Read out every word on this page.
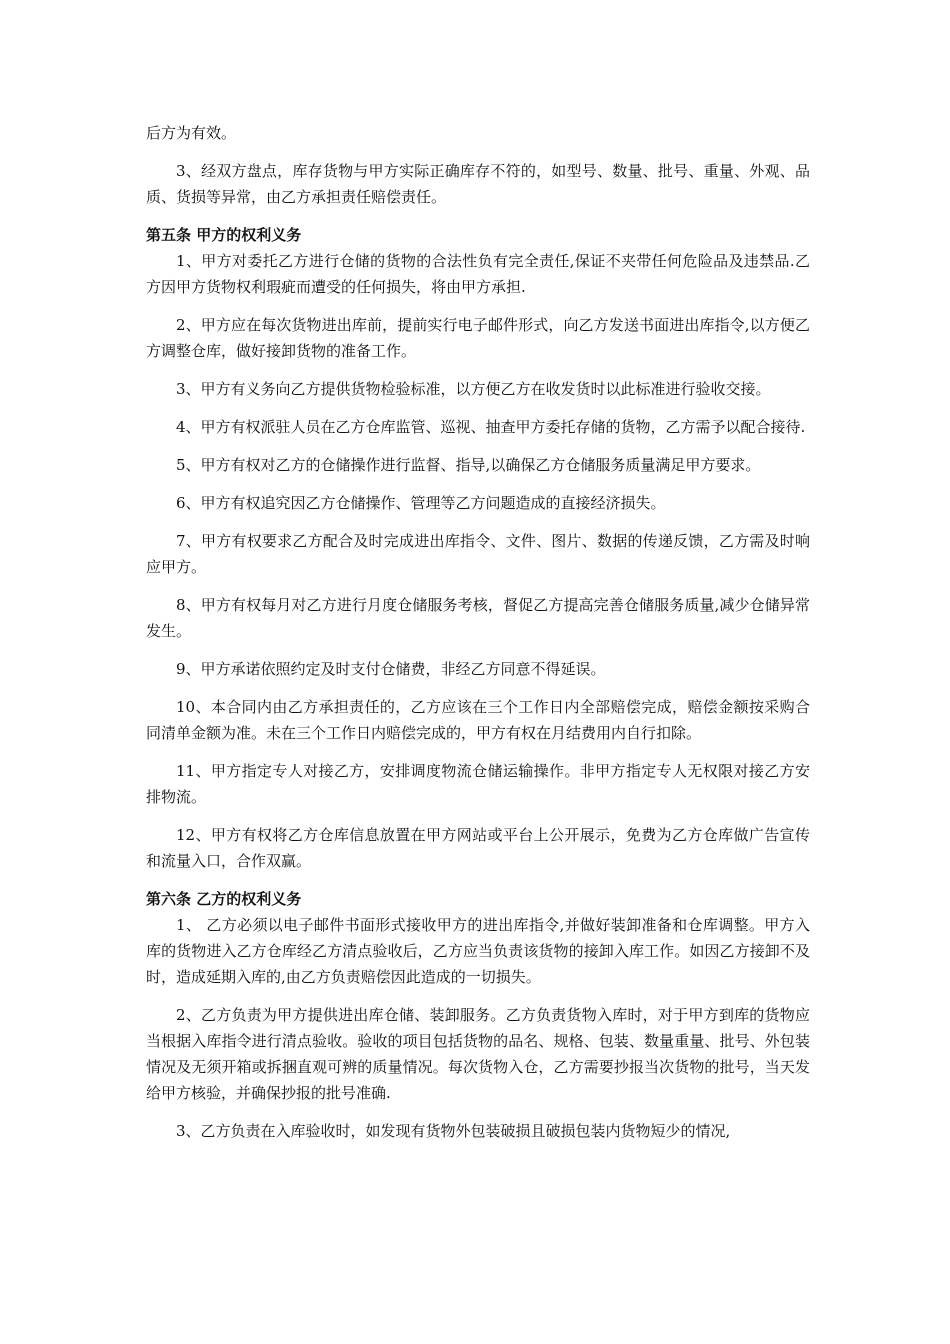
后方为有效。

3、经双方盘点，库存货物与甲方实际正确库存不符的，如型号、数量、批号、重量、外观、品质、货损等异常，由乙方承担责任赔偿责任。

第五条 甲方的权利义务

1、甲方对委托乙方进行仓储的货物的合法性负有完全责任,保证不夹带任何危险品及违禁品.乙方因甲方货物权利瑕疵而遭受的任何损失，将由甲方承担.

2、甲方应在每次货物进出库前，提前实行电子邮件形式，向乙方发送书面进出库指令,以方便乙方调整仓库，做好接卸货物的准备工作。

3、甲方有义务向乙方提供货物检验标准，以方便乙方在收发货时以此标准进行验收交接。

4、甲方有权派驻人员在乙方仓库监管、巡视、抽查甲方委托存储的货物，乙方需予以配合接待.

5、甲方有权对乙方的仓储操作进行监督、指导,以确保乙方仓储服务质量满足甲方要求。

6、甲方有权追究因乙方仓储操作、管理等乙方问题造成的直接经济损失。

7、甲方有权要求乙方配合及时完成进出库指令、文件、图片、数据的传递反馈，乙方需及时响应甲方。

8、甲方有权每月对乙方进行月度仓储服务考核，督促乙方提高完善仓储服务质量,减少仓储异常发生。

9、甲方承诺依照约定及时支付仓储费，非经乙方同意不得延误。

10、本合同内由乙方承担责任的，乙方应该在三个工作日内全部赔偿完成，赔偿金额按采购合同清单金额为准。未在三个工作日内赔偿完成的，甲方有权在月结费用内自行扣除。

11、甲方指定专人对接乙方，安排调度物流仓储运输操作。非甲方指定专人无权限对接乙方安排物流。

12、甲方有权将乙方仓库信息放置在甲方网站或平台上公开展示，免费为乙方仓库做广告宣传和流量入口，合作双赢。

第六条 乙方的权利义务

1、 乙方必须以电子邮件书面形式接收甲方的进出库指令,并做好装卸准备和仓库调整。甲方入库的货物进入乙方仓库经乙方清点验收后，乙方应当负责该货物的接卸入库工作。如因乙方接卸不及时，造成延期入库的,由乙方负责赔偿因此造成的一切损失。

2、乙方负责为甲方提供进出库仓储、装卸服务。乙方负责货物入库时，对于甲方到库的货物应当根据入库指令进行清点验收。验收的项目包括货物的品名、规格、包装、数量重量、批号、外包装情况及无须开箱或拆捆直观可辨的质量情况。每次货物入仓，乙方需要抄报当次货物的批号，当天发给甲方核验，并确保抄报的批号准确.

3、乙方负责在入库验收时，如发现有货物外包装破损且破损包装内货物短少的情况,
